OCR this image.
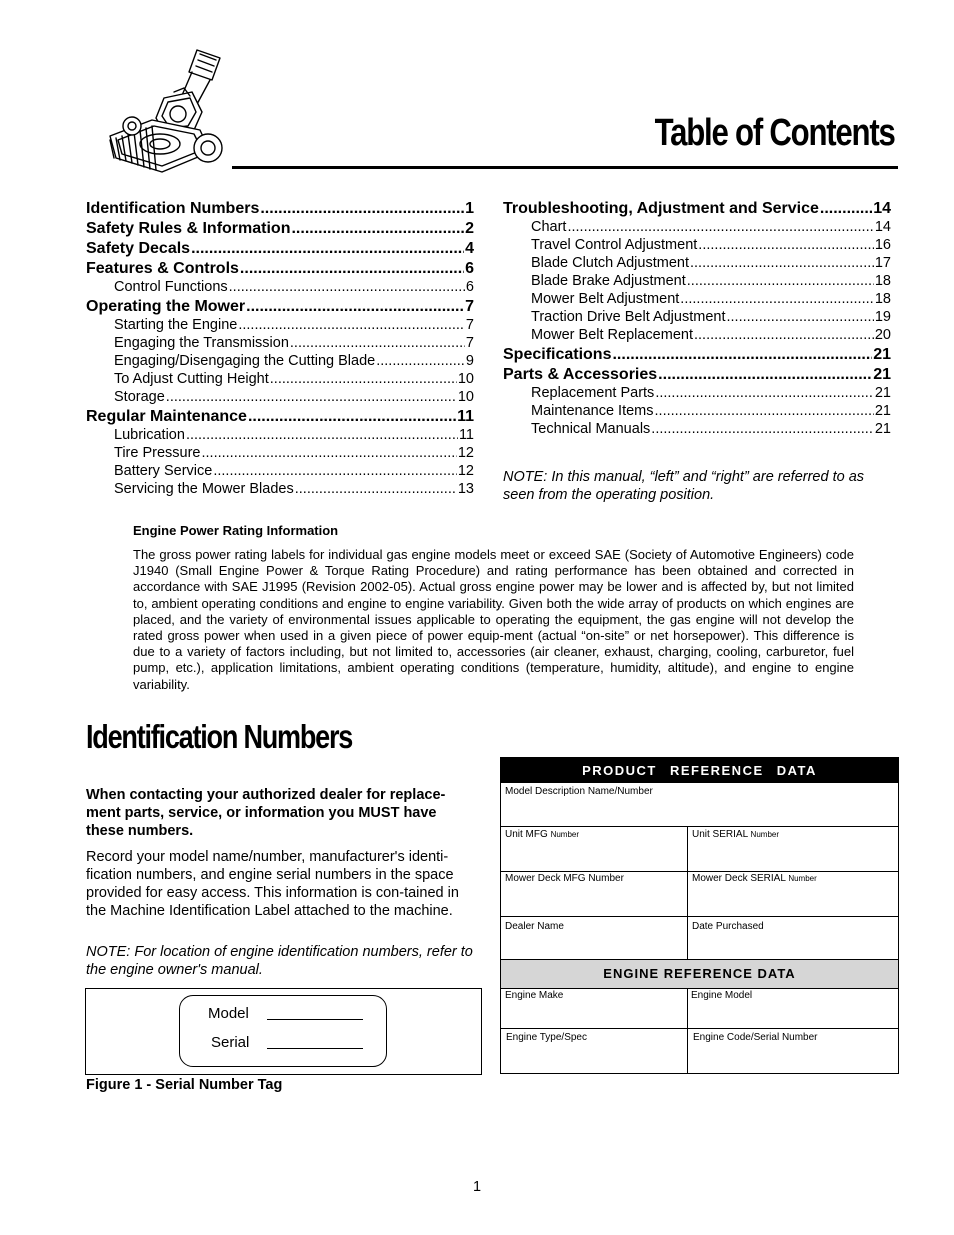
Table of Contents
Identification Numbers .....	1
Safety Rules & Information .....	2
Safety Decals .....	4
Features & Controls .....	6
Control Functions .....	6
Operating the Mower .....	7
Starting the Engine .....	7
Engaging the Transmission .....	7
Engaging/Disengaging the Cutting Blade .....	9
To Adjust Cutting Height .....	10
Storage .....	10
Regular Maintenance .....	11
Lubrication .....	11
Tire Pressure .....	12
Battery Service .....	12
Servicing the Mower Blades .....	13
Troubleshooting, Adjustment and Service .....	14
Chart .....	14
Travel Control Adjustment .....	16
Blade Clutch Adjustment .....	17
Blade Brake Adjustment .....	18
Mower Belt Adjustment .....	18
Traction Drive Belt Adjustment .....	19
Mower Belt Replacement .....	20
Specifications .....	21
Parts & Accessories .....	21
Replacement Parts .....	21
Maintenance Items .....	21
Technical Manuals .....	21
NOTE: In this manual, “left” and “right” are referred to as seen from the operating position.
Engine Power Rating Information
The gross power rating labels for individual gas engine models meet or exceed SAE (Society of Automotive Engineers) code J1940 (Small Engine Power & Torque Rating Procedure) and rating performance has been obtained and corrected in accordance with SAE J1995 (Revision 2002-05). Actual gross engine power may be lower and is affected by, but not limited to, ambient operating conditions and engine to engine variability. Given both the wide array of products on which engines are placed, and the variety of environmental issues applicable to operating the equipment, the gas engine will not develop the rated gross power when used in a given piece of power equip-ment (actual “on-site” or net horsepower). This difference is due to a variety of factors including, but not limited to, accessories (air cleaner, exhaust, charging, cooling, carburetor, fuel pump, etc.), application limitations, ambient operating conditions (temperature, humidity, altitude), and engine to engine variability.
Identification Numbers
When contacting your authorized dealer for replace-ment parts, service, or information you MUST have these numbers.
Record your model name/number, manufacturer's identi-fication numbers, and engine serial numbers in the space provided for easy access. This information is con-tained in the Machine Identification Label attached to the machine.
NOTE: For location of engine identification numbers, refer to the engine owner's manual.
Model
Serial
Figure 1 - Serial Number Tag
PRODUCT REFERENCE DATA
Model Description Name/Number
Unit MFG Number	Unit SERIAL Number
Mower Deck MFG Number	Mower Deck SERIAL Number
Dealer Name	Date Purchased
ENGINE REFERENCE DATA
Engine Make	Engine Model
Engine Type/Spec	Engine Code/Serial Number
1
